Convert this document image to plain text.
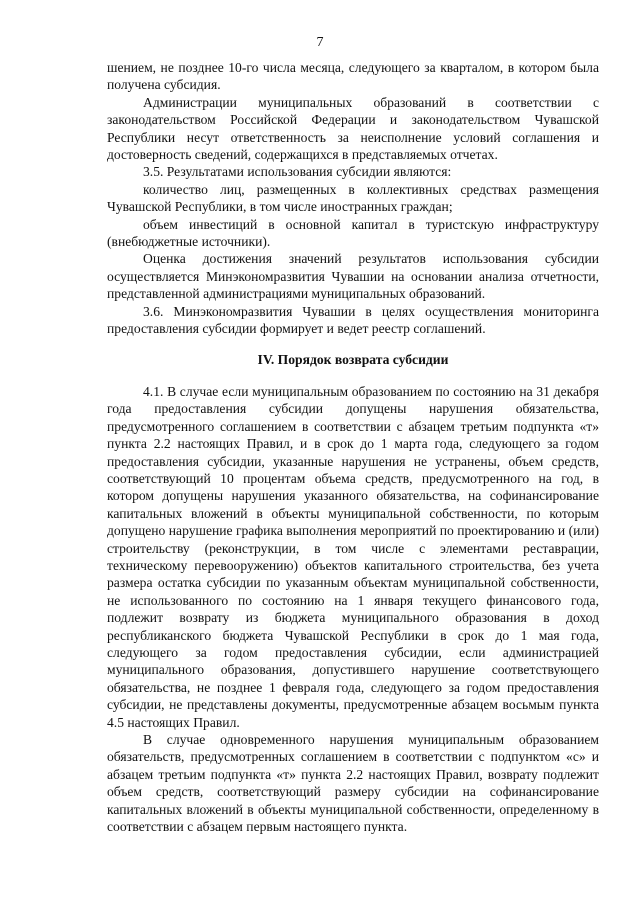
7

шением, не позднее 10-го числа месяца, следующего за кварталом, в котором была получена субсидия.

Администрации муниципальных образований в соответствии с законодательством Российской Федерации и законодательством Чувашской Республики несут ответственность за неисполнение условий соглашения и достоверность сведений, содержащихся в представляемых отчетах.

3.5. Результатами использования субсидии являются:

количество лиц, размещенных в коллективных средствах размещения Чувашской Республики, в том числе иностранных граждан;

объем инвестиций в основной капитал в туристскую инфраструктуру (внебюджетные источники).

Оценка достижения значений результатов использования субсидии осуществляется Минэкономразвития Чувашии на основании анализа отчетности, представленной администрациями муниципальных образований.

3.6. Минэкономразвития Чувашии в целях осуществления мониторинга предоставления субсидии формирует и ведет реестр соглашений.

IV. Порядок возврата субсидии

4.1. В случае если муниципальным образованием по состоянию на 31 декабря года предоставления субсидии допущены нарушения обязательства, предусмотренного соглашением в соответствии с абзацем третьим подпункта «т» пункта 2.2 настоящих Правил, и в срок до 1 марта года, следующего за годом предоставления субсидии, указанные нарушения не устранены, объем средств, соответствующий 10 процентам объема средств, предусмотренного на год, в котором допущены нарушения указанного обязательства, на софинансирование капитальных вложений в объекты муниципальной собственности, по которым допущено нарушение графика выполнения мероприятий по проектированию и (или) строительству (реконструкции, в том числе с элементами реставрации, техническому перевооружению) объектов капитального строительства, без учета размера остатка субсидии по указанным объектам муниципальной собственности, не использованного по состоянию на 1 января текущего финансового года, подлежит возврату из бюджета муниципального образования в доход республиканского бюджета Чувашской Республики в срок до 1 мая года, следующего за годом предоставления субсидии, если администрацией муниципального образования, допустившего нарушение соответствующего обязательства, не позднее 1 февраля года, следующего за годом предоставления субсидии, не представлены документы, предусмотренные абзацем восьмым пункта 4.5 настоящих Правил.

В случае одновременного нарушения муниципальным образованием обязательств, предусмотренных соглашением в соответствии с подпунктом «с» и абзацем третьим подпункта «т» пункта 2.2 настоящих Правил, возврату подлежит объем средств, соответствующий размеру субсидии на софинансирование капитальных вложений в объекты муниципальной собственности, определенному в соответствии с абзацем первым настоящего пункта.
